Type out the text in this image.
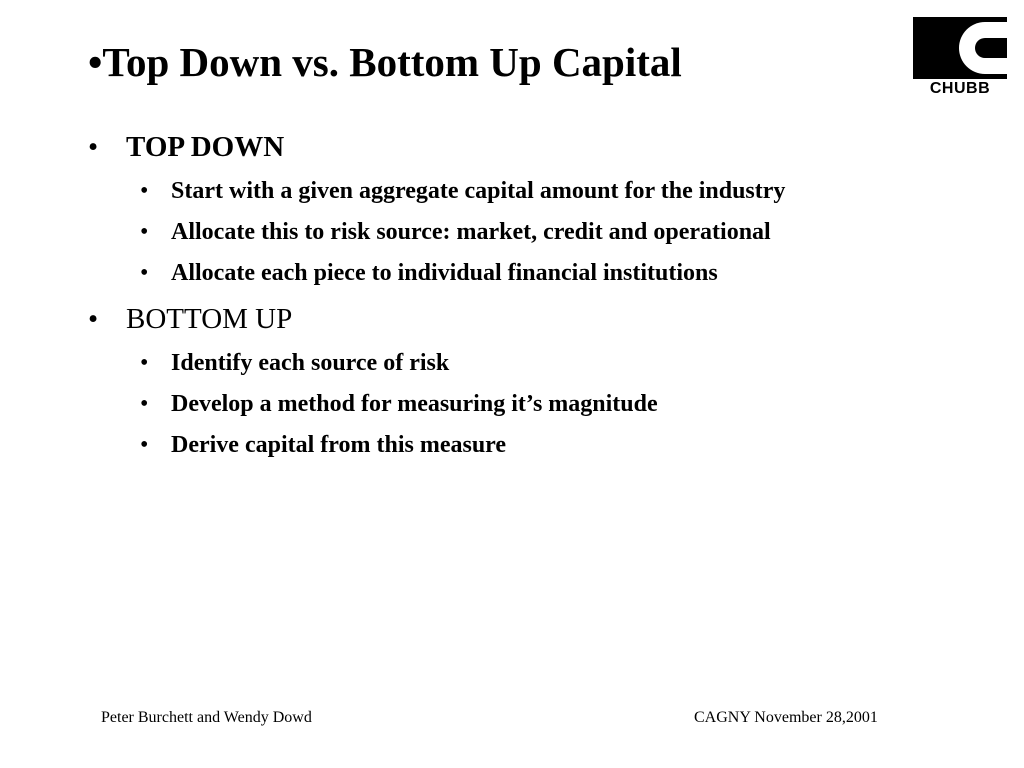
•Top Down vs. Bottom Up Capital
CHUBB
• TOP DOWN
• Start with a given aggregate capital amount for the industry
• Allocate this to risk source: market, credit and operational
• Allocate each piece to individual financial institutions
• BOTTOM UP
• Identify each source of risk
• Develop a method for measuring it’s magnitude
• Derive capital from this measure
Peter Burchett and Wendy Dowd	CAGNY November 28,2001
